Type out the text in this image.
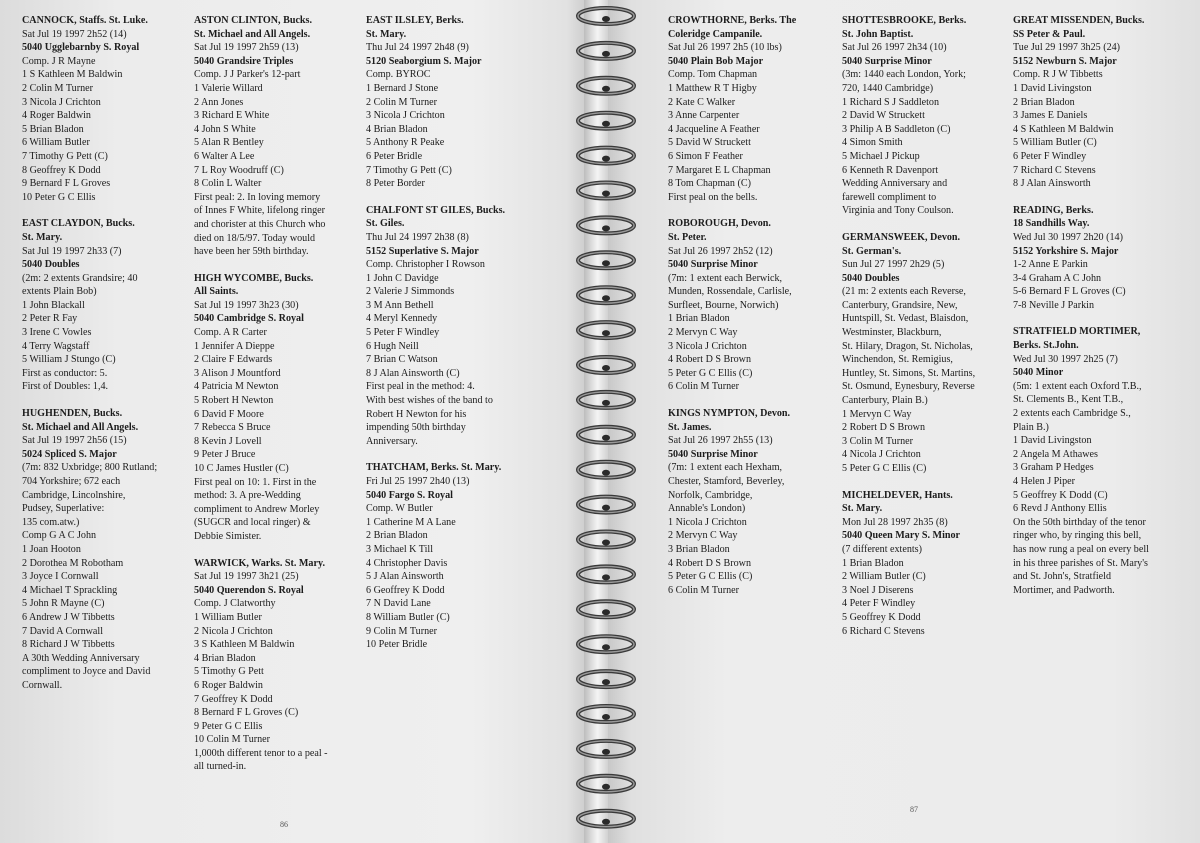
CANNOCK, Staffs. St. Luke.
Sat Jul 19 1997 2h52 (14)
5040 Ugglebarnby S. Royal
Comp. J R Mayne
1 S Kathleen M Baldwin
2 Colin M Turner
3 Nicola J Crichton
4 Roger Baldwin
5 Brian Bladon
6 William Butler
7 Timothy G Pett (C)
8 Geoffrey K Dodd
9 Bernard F L Groves
10 Peter G C Ellis
EAST CLAYDON, Bucks.
St. Mary.
Sat Jul 19 1997 2h33 (7)
5040 Doubles
(2m: 2 extents Grandsire; 40
extents Plain Bob)
1 John Blackall
2 Peter R Fay
3 Irene C Vowles
4 Terry Wagstaff
5 William J Stungo (C)
First as conductor: 5.
First of Doubles: 1,4.
HUGHENDEN, Bucks.
St. Michael and All Angels.
Sat Jul 19 1997 2h56 (15)
5024 Spliced S. Major
(7m: 832 Uxbridge; 800 Rutland;
704 Yorkshire; 672 each
Cambridge, Lincolnshire,
Pudsey, Superlative:
135 com.atw.)
Comp G A C John
1 Joan Hooton
2 Dorothea M Robotham
3 Joyce I Cornwall
4 Michael T Sprackling
5 John R Mayne (C)
6 Andrew J W Tibbetts
7 David A Cornwall
8 Richard J W Tibbetts
A 30th Wedding Anniversary
compliment to Joyce and David
Cornwall.
ASTON CLINTON, Bucks.
St. Michael and All Angels.
Sat Jul 19 1997 2h59 (13)
5040 Grandsire Triples
Comp. J J Parker's 12-part
1 Valerie Willard
2 Ann Jones
3 Richard E White
4 John S White
5 Alan R Bentley
6 Walter A Lee
7 L Roy Woodruff (C)
8 Colin L Walter
First peal: 2. In loving memory
of Innes F White, lifelong ringer
and chorister at this Church who
died on 18/5/97. Today would
have been her 59th birthday.
HIGH WYCOMBE, Bucks.
All Saints.
Sat Jul 19 1997 3h23 (30)
5040 Cambridge S. Royal
Comp. A R Carter
1 Jennifer A Dieppe
2 Claire F Edwards
3 Alison J Mountford
4 Patricia M Newton
5 Robert H Newton
6 David F Moore
7 Rebecca S Bruce
8 Kevin J Lovell
9 Peter J Bruce
10 C James Hustler (C)
First peal on 10: 1. First in the
method: 3. A pre-Wedding
compliment to Andrew Morley
(SUGCR and local ringer) &
Debbie Simister.
WARWICK, Warks. St. Mary.
Sat Jul 19 1997 3h21 (25)
5040 Querendon S. Royal
Comp. J Clatworthy
1 William Butler
2 Nicola J Crichton
3 S Kathleen M Baldwin
4 Brian Bladon
5 Timothy G Pett
6 Roger Baldwin
7 Geoffrey K Dodd
8 Bernard F L Groves (C)
9 Peter G C Ellis
10 Colin M Turner
1,000th different tenor to a peal -
all turned-in.
EAST ILSLEY, Berks.
St. Mary.
Thu Jul 24 1997 2h48 (9)
5120 Seaborgium S. Major
Comp. BYROC
1 Bernard J Stone
2 Colin M Turner
3 Nicola J Crichton
4 Brian Bladon
5 Anthony R Peake
6 Peter Bridle
7 Timothy G Pett (C)
8 Peter Border
CHALFONT ST GILES, Bucks.
St. Giles.
Thu Jul 24 1997 2h38 (8)
5152 Superlative S. Major
Comp. Christopher I Rowson
1 John C Davidge
2 Valerie J Simmonds
3 M Ann Bethell
4 Meryl Kennedy
5 Peter F Windley
6 Hugh Neill
7 Brian C Watson
8 J Alan Ainsworth (C)
First peal in the method: 4.
With best wishes of the band to
Robert H Newton for his
impending 50th birthday
Anniversary.
THATCHAM, Berks. St. Mary.
Fri Jul 25 1997 2h40 (13)
5040 Fargo S. Royal
Comp. W Butler
1 Catherine M A Lane
2 Brian Bladon
3 Michael K Till
4 Christopher Davis
5 J Alan Ainsworth
6 Geoffrey K Dodd
7 N David Lane
8 William Butler (C)
9 Colin M Turner
10 Peter Bridle
86
CROWTHORNE, Berks. The
Coleridge Campanile.
Sat Jul 26 1997 2h5 (10 lbs)
5040 Plain Bob Major
Comp. Tom Chapman
1 Matthew R T Higby
2 Kate C Walker
3 Anne Carpenter
4 Jacqueline A Feather
5 David W Struckett
6 Simon F Feather
7 Margaret E L Chapman
8 Tom Chapman (C)
First peal on the bells.
ROBOROUGH, Devon.
St. Peter.
Sat Jul 26 1997 2h52 (12)
5040 Surprise Minor
(7m: 1 extent each Berwick,
Munden, Rossendale, Carlisle,
Surfleet, Bourne, Norwich)
1 Brian Bladon
2 Mervyn C Way
3 Nicola J Crichton
4 Robert D S Brown
5 Peter G C Ellis (C)
6 Colin M Turner
KINGS NYMPTON, Devon.
St. James.
Sat Jul 26 1997 2h55 (13)
5040 Surprise Minor
(7m: 1 extent each Hexham,
Chester, Stamford, Beverley,
Norfolk, Cambridge,
Annable's London)
1 Nicola J Crichton
2 Mervyn C Way
3 Brian Bladon
4 Robert D S Brown
5 Peter G C Ellis (C)
6 Colin M Turner
SHOTTESBROOKE, Berks.
St. John Baptist.
Sat Jul 26 1997 2h34 (10)
5040 Surprise Minor
(3m: 1440 each London, York;
720, 1440 Cambridge)
1 Richard S J Saddleton
2 David W Struckett
3 Philip A B Saddleton (C)
4 Simon Smith
5 Michael J Pickup
6 Kenneth R Davenport
Wedding Anniversary and
farewell compliment to
Virginia and Tony Coulson.
GERMANSWEEK, Devon.
St. German's.
Sun Jul 27 1997 2h29 (5)
5040 Doubles
(21 m: 2 extents each Reverse,
Canterbury, Grandsire, New,
Huntspill, St. Vedast, Blaisdon,
Westminster, Blackburn,
St. Hilary, Dragon, St. Nicholas,
Winchendon, St. Remigius,
Huntley, St. Simons, St. Martins,
St. Osmund, Eynesbury, Reverse
Canterbury, Plain B.)
1 Mervyn C Way
2 Robert D S Brown
3 Colin M Turner
4 Nicola J Crichton
5 Peter G C Ellis (C)
MICHELDEVER, Hants.
St. Mary.
Mon Jul 28 1997 2h35 (8)
5040 Queen Mary S. Minor
(7 different extents)
1 Brian Bladon
2 William Butler (C)
3 Noel J Diserens
4 Peter F Windley
5 Geoffrey K Dodd
6 Richard C Stevens
GREAT MISSENDEN, Bucks.
SS Peter & Paul.
Tue Jul 29 1997 3h25 (24)
5152 Newburn S. Major
Comp. R J W Tibbetts
1 David Livingston
2 Brian Bladon
3 James E Daniels
4 S Kathleen M Baldwin
5 William Butler (C)
6 Peter F Windley
7 Richard C Stevens
8 J Alan Ainsworth
READING, Berks.
18 Sandhills Way.
Wed Jul 30 1997 2h20 (14)
5152 Yorkshire S. Major
1-2 Anne E Parkin
3-4 Graham A C John
5-6 Bernard F L Groves (C)
7-8 Neville J Parkin
STRATFIELD MORTIMER,
Berks. St.John.
Wed Jul 30 1997 2h25 (7)
5040 Minor
(5m: 1 extent each Oxford T.B.,
St. Clements B., Kent T.B.,
2 extents each Cambridge S.,
Plain B.)
1 David Livingston
2 Angela M Athawes
3 Graham P Hedges
4 Helen J Piper
5 Geoffrey K Dodd (C)
6 Revd J Anthony Ellis
On the 50th birthday of the tenor
ringer who, by ringing this bell,
has now rung a peal on every bell
in his three parishes of St. Mary's
and St. John's, Stratfield
Mortimer, and Padworth.
87
